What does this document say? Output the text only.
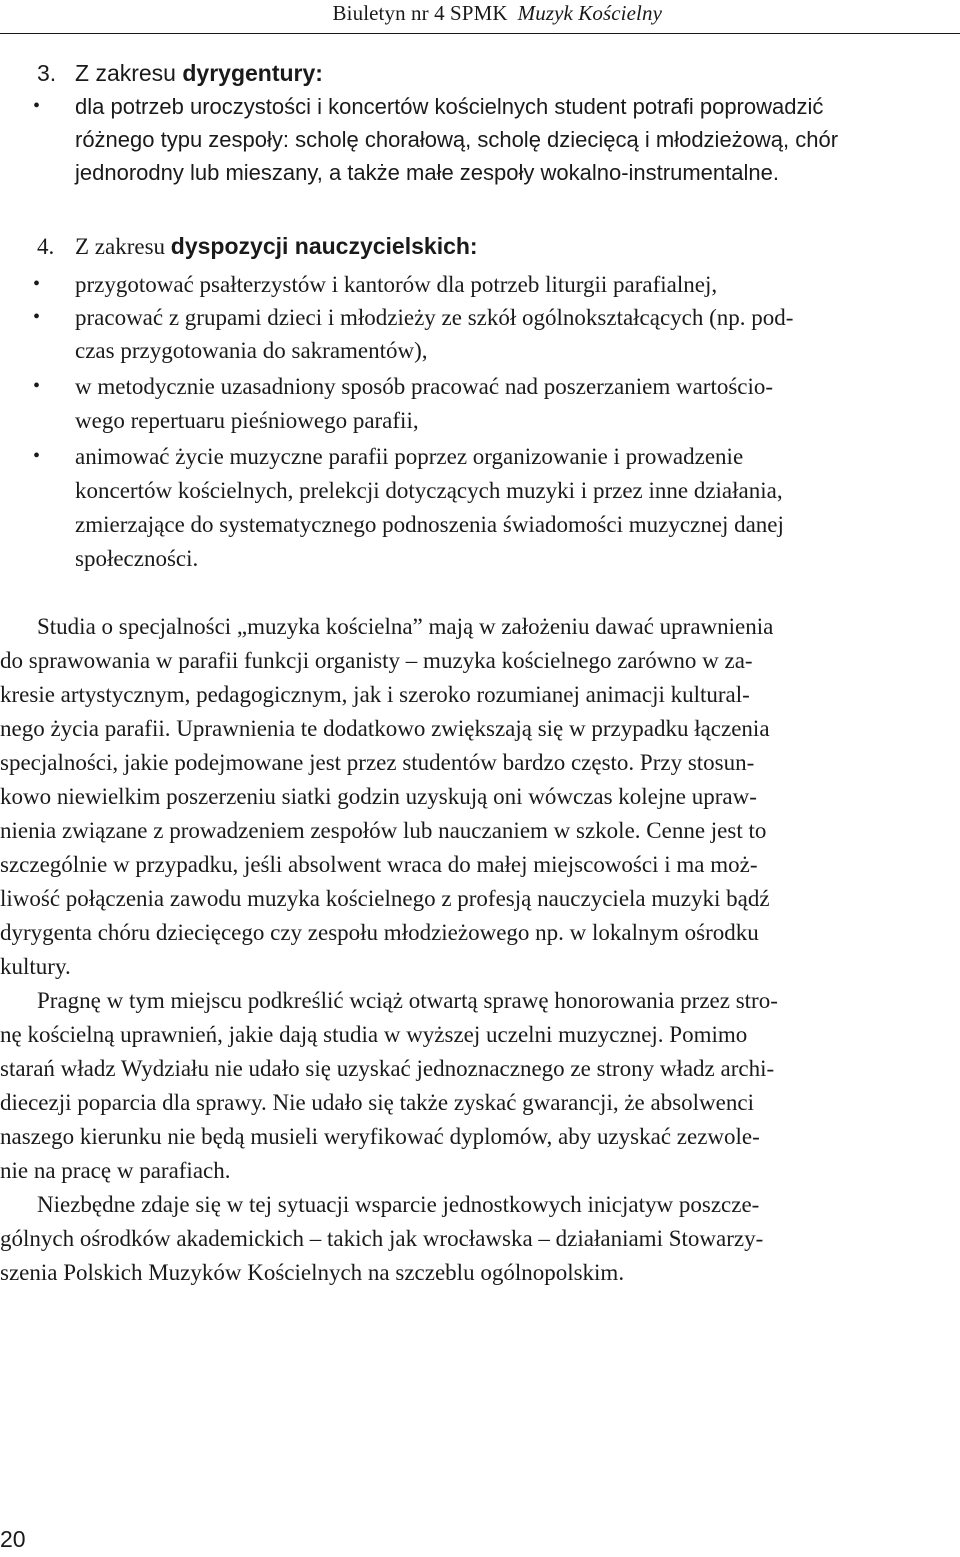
Biuletyn nr 4 SPMK Muzyk Kościelny
3. Z zakresu dyrygentury:
• dla potrzeb uroczystości i koncertów kościelnych student potrafi poprowadzić
różnego typu zespoły: scholę chorałową, scholę dziecięcą i młodzieżową, chór
jednorodny lub mieszany, a także małe zespoły wokalno-instrumentalne.
4. Z zakresu dyspozycji nauczycielskich:
• przygotować psałterzystów i kantorów dla potrzeb liturgii parafialnej,
• pracować z grupami dzieci i młodzieży ze szkół ogólnokształcących (np. pod-
czas przygotowania do sakramentów),
• w metodycznie uzasadniony sposób pracować nad poszerzaniem wartościo-
wego repertuaru pieśniowego parafii,
• animować życie muzyczne parafii poprzez organizowanie i prowadzenie
koncertów kościelnych, prelekcji dotyczących muzyki i przez inne działania,
zmierzające do systematycznego podnoszenia świadomości muzycznej danej
społeczności.
Studia o specjalności „muzyka kościelna” mają w założeniu dawać uprawnienia
do sprawowania w parafii funkcji organisty – muzyka kościelnego zarówno w za-
kresie artystycznym, pedagogicznym, jak i szeroko rozumianej animacji kultural-
nego życia parafii. Uprawnienia te dodatkowo zwiększają się w przypadku łączenia
specjalności, jakie podejmowane jest przez studentów bardzo często. Przy stosun-
kowo niewielkim poszerzeniu siatki godzin uzyskują oni wówczas kolejne upraw-
nienia związane z prowadzeniem zespołów lub nauczaniem w szkole. Cenne jest to
szczególnie w przypadku, jeśli absolwent wraca do małej miejscowości i ma moż-
liwość połączenia zawodu muzyka kościelnego z profesją nauczyciela muzyki bądź
dyrygenta chóru dziecięcego czy zespołu młodzieżowego np. w lokalnym ośrodku
kultury.
Pragnę w tym miejscu podkreślić wciąż otwartą sprawę honorowania przez stro-
nę kościelną uprawnień, jakie dają studia w wyższej uczelni muzycznej. Pomimo
starań władz Wydziału nie udało się uzyskać jednoznacznego ze strony władz archi-
diecezji poparcia dla sprawy. Nie udało się także zyskać gwarancji, że absolwenci
naszego kierunku nie będą musieli weryfikować dyplomów, aby uzyskać zezwole-
nie na pracę w parafiach.
Niezbędne zdaje się w tej sytuacji wsparcie jednostkowych inicjatyw poszcze-
gólnych ośrodków akademickich – takich jak wrocławska – działaniami Stowarzy-
szenia Polskich Muzyków Kościelnych na szczeblu ogólnopolskim.
20
